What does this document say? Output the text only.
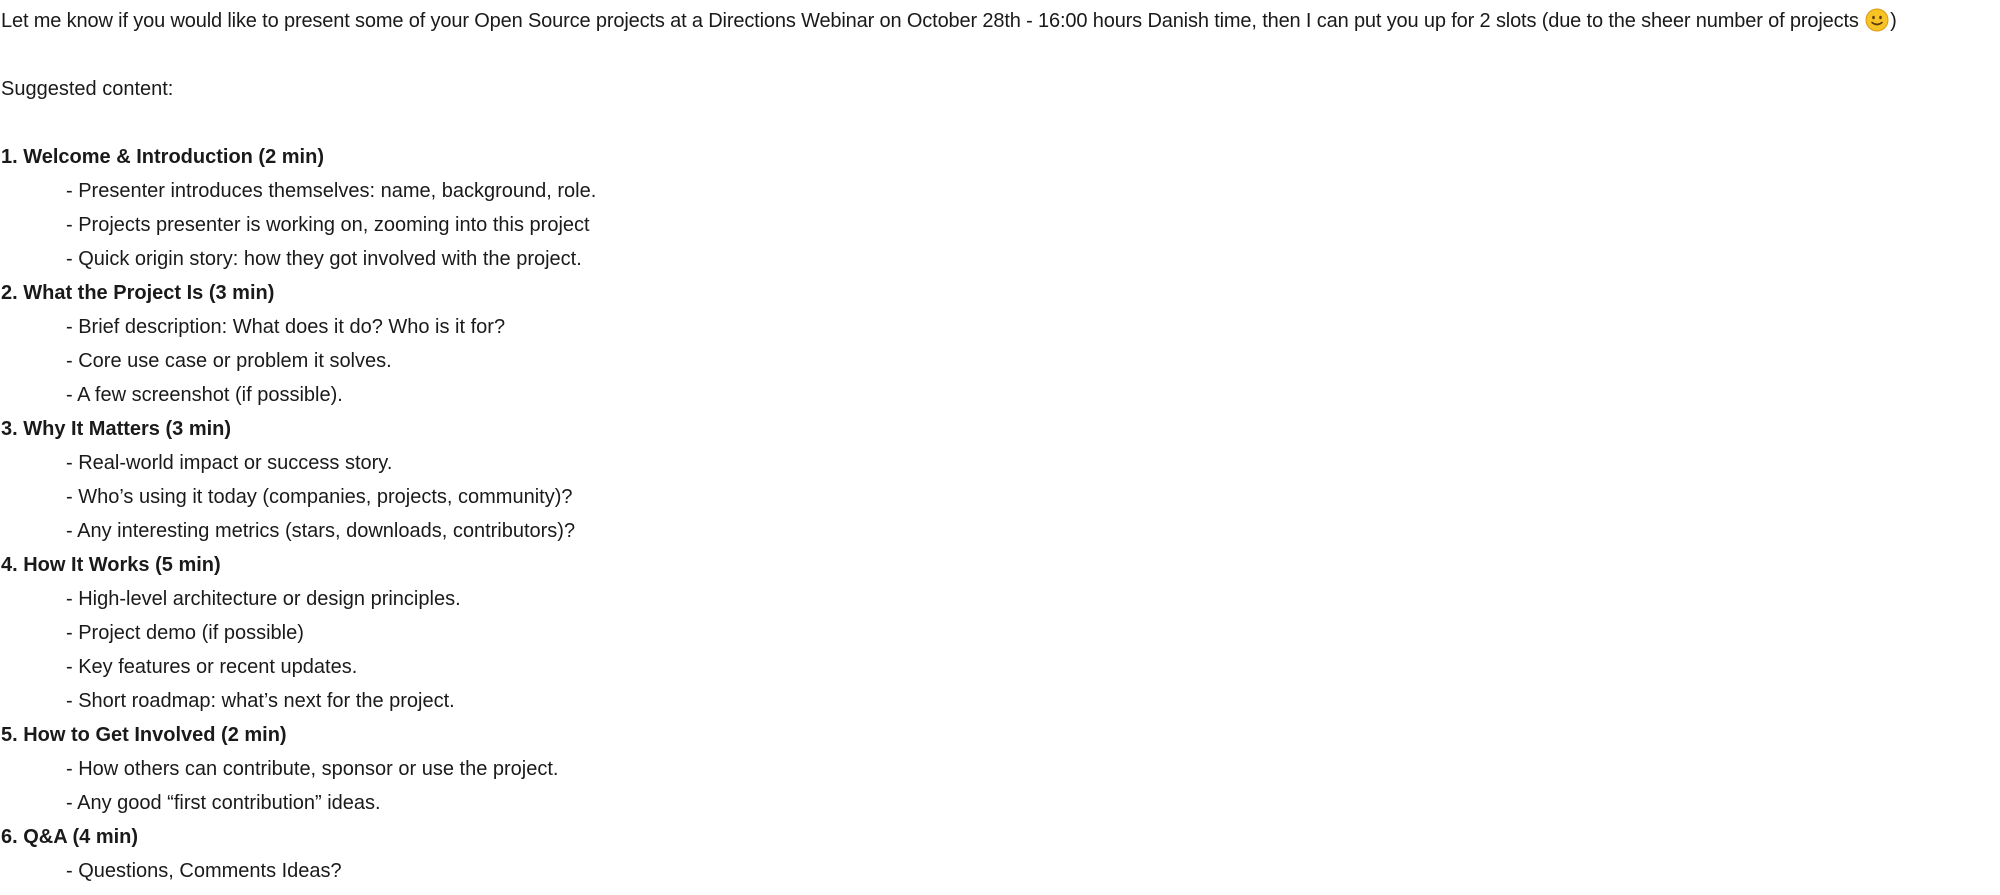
Let me know if you would like to present some of your Open Source projects at a Directions Webinar on October 28th - 16:00 hours Danish time, then I can put you up for 2 slots (due to the sheer number of projects )
Suggested content:
1. Welcome & Introduction (2 min)
- Presenter introduces themselves: name, background, role.
- Projects presenter is working on, zooming into this project
- Quick origin story: how they got involved with the project.
2. What the Project Is (3 min)
- Brief description: What does it do? Who is it for?
- Core use case or problem it solves.
- A few screenshot (if possible).
3. Why It Matters (3 min)
- Real-world impact or success story.
- Who’s using it today (companies, projects, community)?
- Any interesting metrics (stars, downloads, contributors)?
4. How It Works (5 min)
- High-level architecture or design principles.
- Project demo (if possible)
- Key features or recent updates.
- Short roadmap: what’s next for the project.
5. How to Get Involved (2 min)
- How others can contribute, sponsor or use the project.
- Any good “first contribution” ideas.
6. Q&A (4 min)
- Questions, Comments Ideas?
